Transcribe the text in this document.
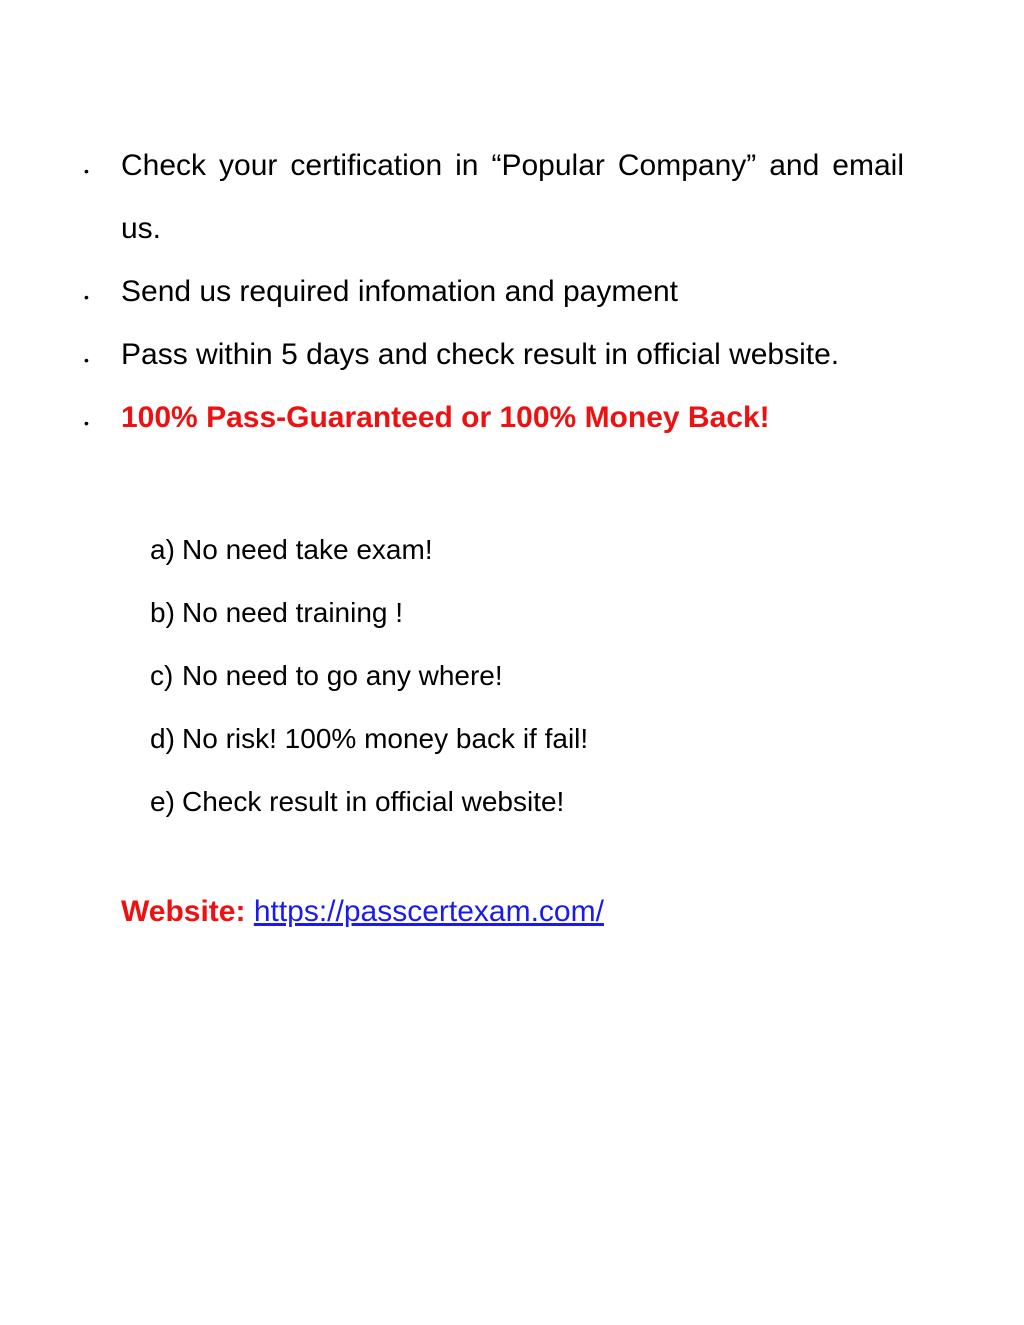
• Check your certification in “Popular Company” and email us.
• Send us required infomation and payment
• Pass within 5 days and check result in official website.
• 100% Pass-Guaranteed or 100% Money Back!
a) No need take exam!
b) No need training !
c) No need to go any where!
d) No risk! 100% money back if fail!
e) Check result in official website!
Website: https://passcertexam.com/
